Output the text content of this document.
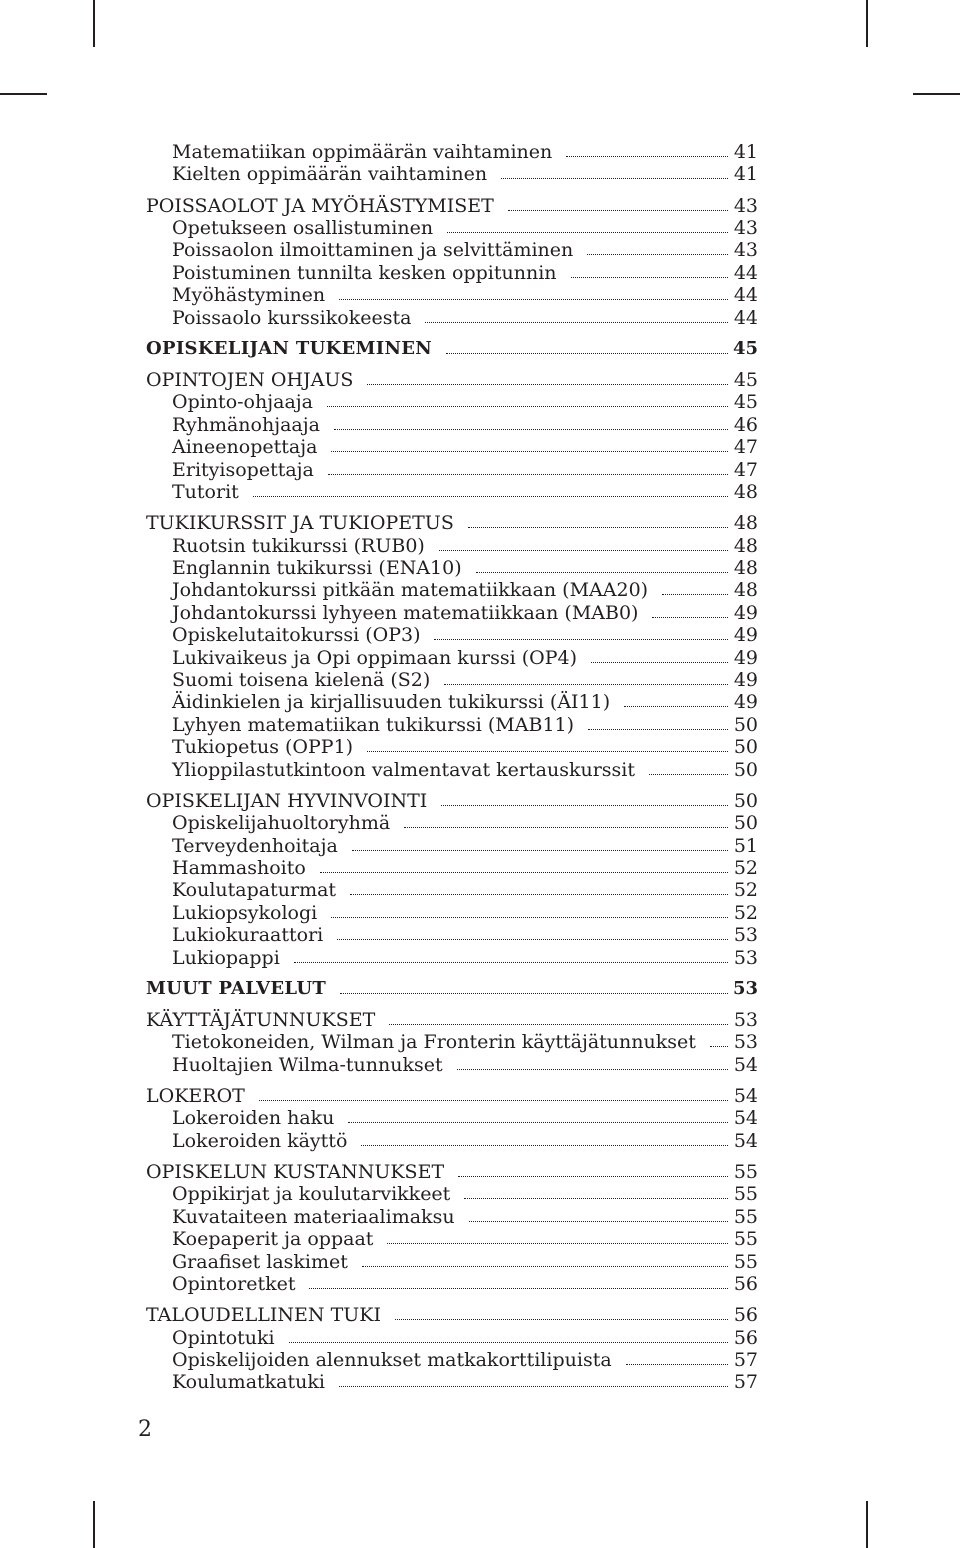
Matematiikan oppimäärän vaihtaminen	41
Kielten oppimäärän vaihtaminen	41
POISSAOLOT JA MYÖHÄSTYMISET	43
Opetukseen osallistuminen	43
Poissaolon ilmoittaminen ja selvittäminen	43
Poistuminen tunnilta kesken oppitunnin	44
Myöhästyminen	44
Poissaolo kurssikokeesta	44
OPISKELIJAN TUKEMINEN	45
OPINTOJEN OHJAUS	45
Opinto-ohjaaja	45
Ryhmänohjaaja	46
Aineenopettaja	47
Erityisopettaja	47
Tutorit	48
TUKIKURSSIT JA TUKIOPETUS	48
Ruotsin tukikurssi (RUB0)	48
Englannin tukikurssi (ENA10)	48
Johdantokurssi pitkään matematiikkaan (MAA20)	48
Johdantokurssi lyhyeen matematiikkaan (MAB0)	49
Opiskelutaitokurssi (OP3)	49
Lukivaikeus ja Opi oppimaan kurssi (OP4)	49
Suomi toisena kielenä (S2)	49
Äidinkielen ja kirjallisuuden tukikurssi (ÄI11)	49
Lyhyen matematiikan tukikurssi (MAB11)	50
Tukiopetus (OPP1)	50
Ylioppilastutkintoon valmentavat kertauskurssit	50
OPISKELIJAN HYVINVOINTI	50
Opiskelijahuoltoryhmä	50
Terveydenhoitaja	51
Hammashoito	52
Koulutapaturmat	52
Lukiopsykologi	52
Lukiokuraattori	53
Lukiopappi	53
MUUT PALVELUT	53
KÄYTTÄJÄTUNNUKSET	53
Tietokoneiden, Wilman ja Fronterin käyttäjätunnukset 53
Huoltajien Wilma-tunnukset	54
LOKEROT	54
Lokeroiden haku	54
Lokeroiden käyttö	54
OPISKELUN KUSTANNUKSET	55
Oppikirjat ja koulutarvikkeet	55
Kuvataiteen materiaalimaksu	55
Koepaperit ja oppaat	55
Graafiset laskimet	55
Opintoretket	56
TALOUDELLINEN TUKI	56
Opintotuki	56
Opiskelijoiden alennukset matkakorttilipuista	57
Koulumatkatuki	57
2
